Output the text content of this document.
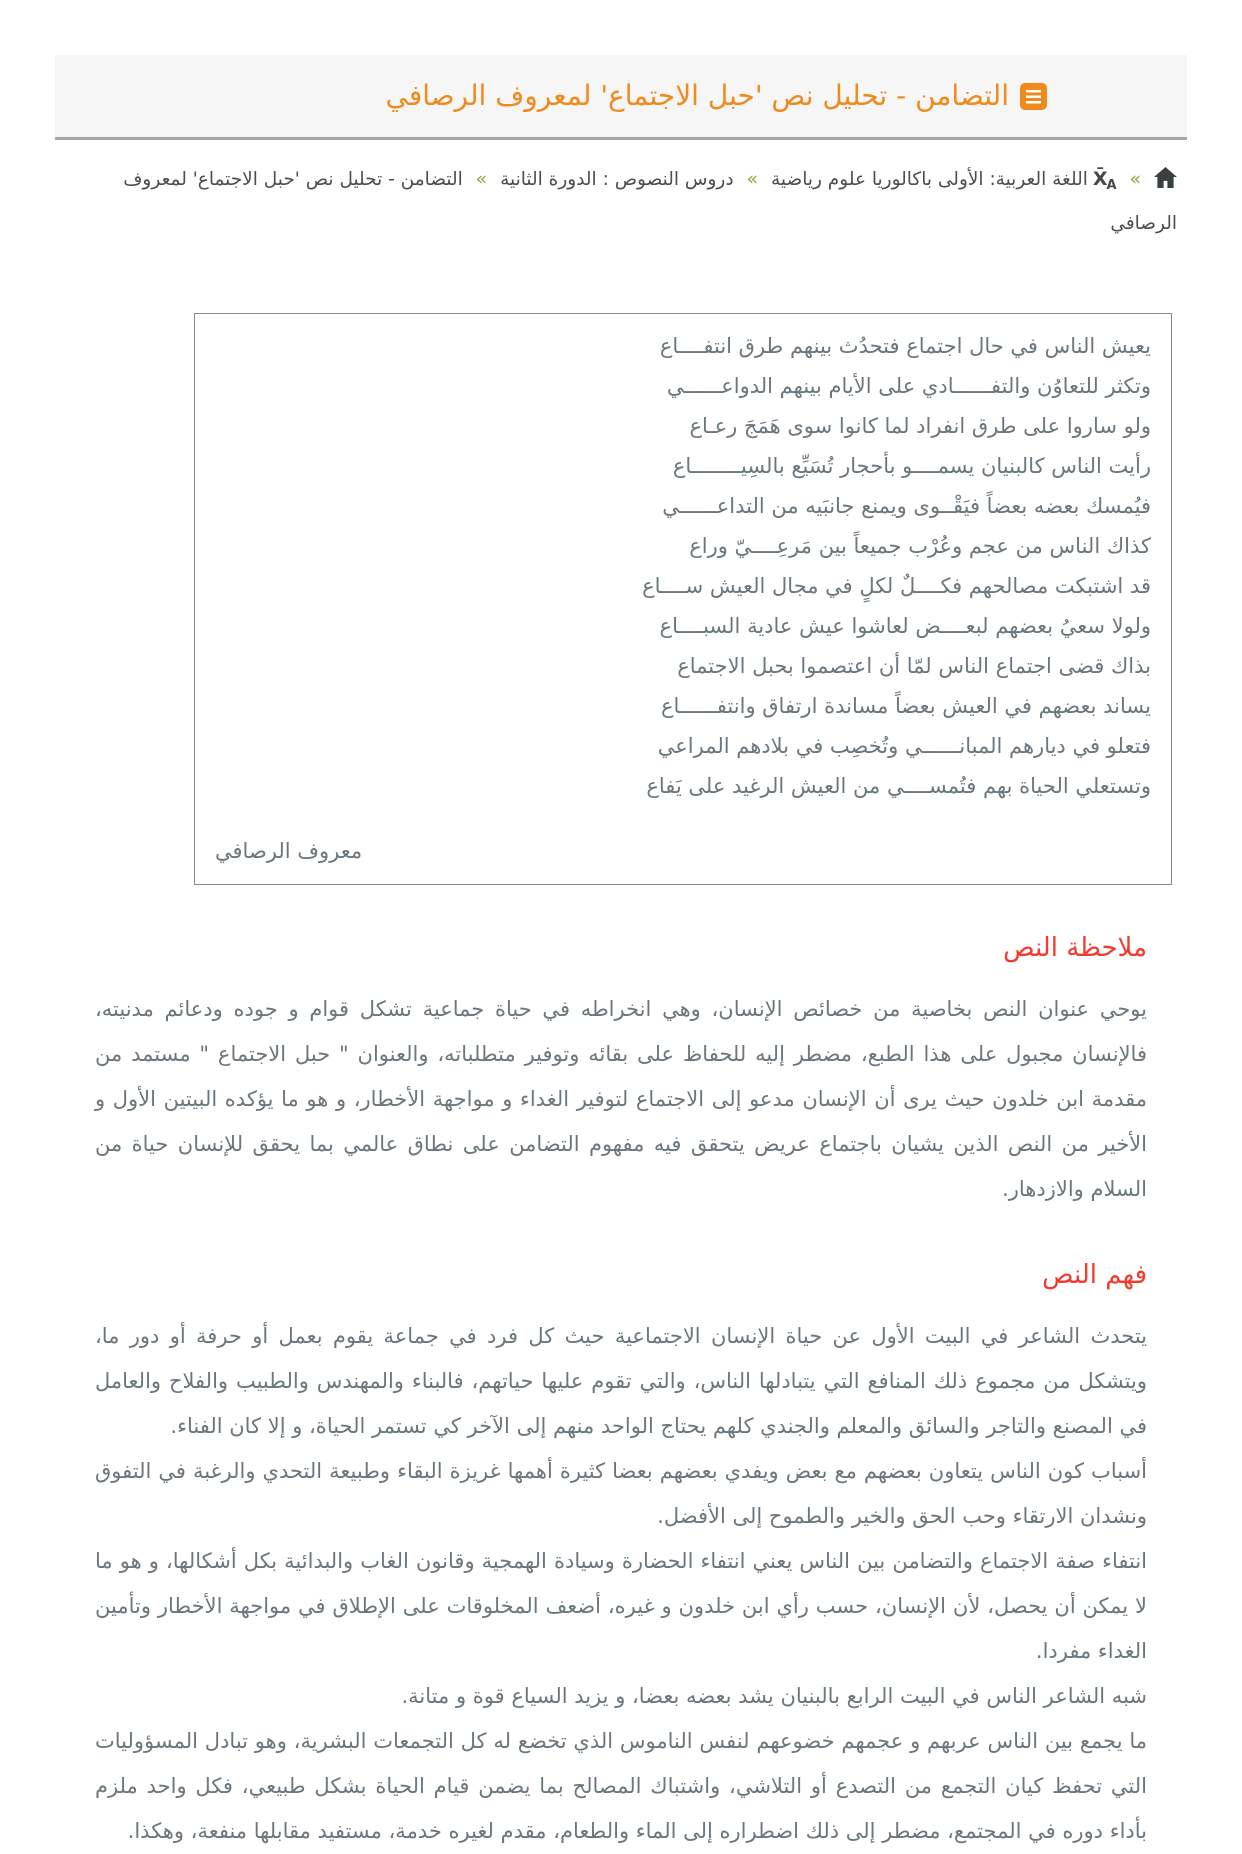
التضامن - تحليل نص 'حبل الاجتماع' لمعروف الرصافي
» $X̄_Aاللغة$ العربية: الأولى باكالوريا علوم رياضية » دروس النصوص : الدورة الثانية » التضامن - تحليل نص 'حبل الاجتماع' لمعروف الرصافي
يعيش الناس في حال اجتماع فتحدُث بينهم طرق انتفــــاع
وتكثر للتعاوُن والتفــــــادي على الأيام بينهم الدواعــــــي
ولو ساروا على طرق انفراد لما كانوا سوى هَمَجَ رعـاع
رأيت الناس كالبنيان يسمــــو بأحجار تُسَيِّع بالسِيــــــــاع
فيُمسك بعضه بعضاً فيَقْــوى ويمنع جانبَيه من التداعــــــي
كذاك الناس من عجم وعُرْب جميعاً بين مَرعِــــيّ وراع
قد اشتبكت مصالحهم فكــــلٌ لكلٍ في مجال العيش ســــاع
ولولا سعيُ بعضهم لبعــــض لعاشوا عيش عادية السبــــاع
بذاك قضى اجتماع الناس لمّا أن اعتصموا بحبل الاجتماع
يساند بعضهم في العيش بعضاً مساندة ارتفاق وانتفــــــاع
فتعلو في ديارهم المبانــــــي وتُخصِب في بلادهم المراعي
وتستعلي الحياة بهم فتُمســــي من العيش الرغيد على يَفاع
معروف الرصافي
ملاحظة النص

يوحي عنوان النص بخاصية من خصائص الإنسان، وهي انخراطه في حياة جماعية تشكل قوام و جوده ودعائم مدنيته، فالإنسان مجبول على هذا الطبع، مضطر إليه للحفاظ على بقائه وتوفير متطلباته، والعنوان " حبل الاجتماع " مستمد من مقدمة ابن خلدون حيث يرى أن الإنسان مدعو إلى الاجتماع لتوفير الغداء و مواجهة الأخطار، و هو ما يؤكده البيتين الأول و الأخير من النص الذين يشيان باجتماع عريض يتحقق فيه مفهوم التضامن على نطاق عالمي بما يحقق للإنسان حياة من السلام والازدهار.

فهم النص

يتحدث الشاعر في البيت الأول عن حياة الإنسان الاجتماعية حيث كل فرد في جماعة يقوم بعمل أو حرفة أو دور ما، ويتشكل من مجموع ذلك المنافع التي يتبادلها الناس، والتي تقوم عليها حياتهم، فالبناء والمهندس والطبيب والفلاح والعامل في المصنع والتاجر والسائق والمعلم والجندي كلهم يحتاج الواحد منهم إلى الآخر كي تستمر الحياة، و إلا كان الفناء.

أسباب كون الناس يتعاون بعضهم مع بعض ويفدي بعضهم بعضا كثيرة أهمها غريزة البقاء وطبيعة التحدي والرغبة في التفوق ونشدان الارتقاء وحب الحق والخير والطموح إلى الأفضل.

انتفاء صفة الاجتماع والتضامن بين الناس يعني انتفاء الحضارة وسيادة الهمجية وقانون الغاب والبدائية بكل أشكالها، و هو ما لا يمكن أن يحصل، لأن الإنسان، حسب رأي ابن خلدون و غيره، أضعف المخلوقات على الإطلاق في مواجهة الأخطار وتأمين الغداء مفردا.

شبه الشاعر الناس في البيت الرابع بالبنيان يشد بعضه بعضا، و يزيد السياع قوة و متانة.

ما يجمع بين الناس عربهم و عجمهم خضوعهم لنفس الناموس الذي تخضع له كل التجمعات البشرية، وهو تبادل المسؤوليات التي تحفظ كيان التجمع من التصدع أو التلاشي، واشتباك المصالح بما يضمن قيام الحياة بشكل طبيعي، فكل واحد ملزم بأداء دوره في المجتمع، مضطر إلى ذلك اضطراره إلى الماء والطعام، مقدم لغيره خدمة، مستفيد مقابلها منفعة، وهكذا.
